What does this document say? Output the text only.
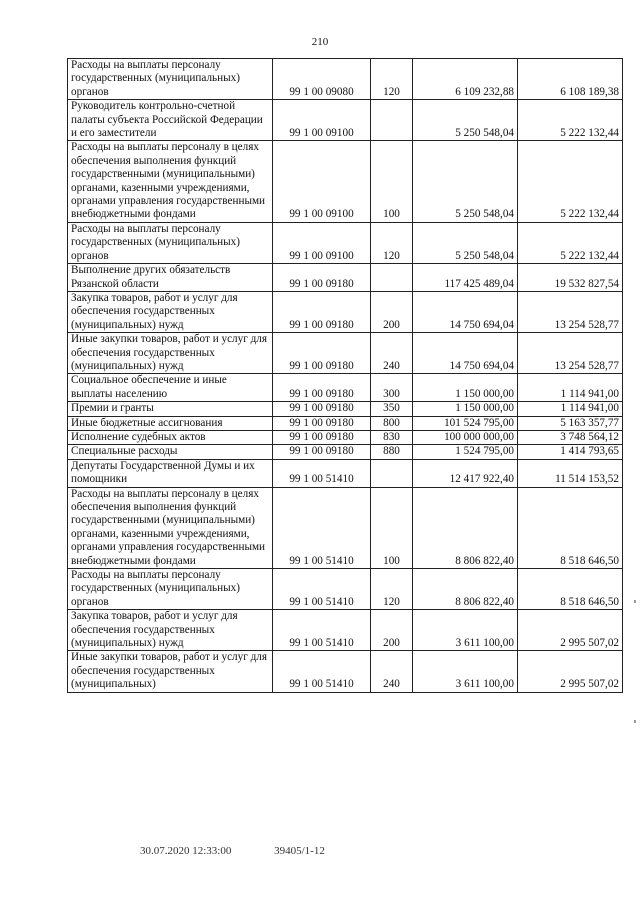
210
Расходы на выплаты персоналу государственных (муниципальных) органов	99 1 00 09080	120	6 109 232,88	6 108 189,38
Руководитель контрольно-счетной палаты субъекта Российской Федерации и его заместители	99 1 00 09100		5 250 548,04	5 222 132,44
Расходы на выплаты персоналу в целях обеспечения выполнения функций государственными (муниципальными) органами, казенными учреждениями, органами управления государственными внебюджетными фондами	99 1 00 09100	100	5 250 548,04	5 222 132,44
Расходы на выплаты персоналу государственных (муниципальных) органов	99 1 00 09100	120	5 250 548,04	5 222 132,44
Выполнение других обязательств Рязанской области	99 1 00 09180		117 425 489,04	19 532 827,54
Закупка товаров, работ и услуг для обеспечения государственных (муниципальных) нужд	99 1 00 09180	200	14 750 694,04	13 254 528,77
Иные закупки товаров, работ и услуг для обеспечения государственных (муниципальных) нужд	99 1 00 09180	240	14 750 694,04	13 254 528,77
Социальное обеспечение и иные выплаты населению	99 1 00 09180	300	1 150 000,00	1 114 941,00
Премии и гранты	99 1 00 09180	350	1 150 000,00	1 114 941,00
Иные бюджетные ассигнования	99 1 00 09180	800	101 524 795,00	5 163 357,77
Исполнение судебных актов	99 1 00 09180	830	100 000 000,00	3 748 564,12
Специальные расходы	99 1 00 09180	880	1 524 795,00	1 414 793,65
Депутаты Государственной Думы и их помощники	99 1 00 51410		12 417 922,40	11 514 153,52
Расходы на выплаты персоналу в целях обеспечения выполнения функций государственными (муниципальными) органами, казенными учреждениями, органами управления государственными внебюджетными фондами	99 1 00 51410	100	8 806 822,40	8 518 646,50
Расходы на выплаты персоналу государственных (муниципальных) органов	99 1 00 51410	120	8 806 822,40	8 518 646,50
Закупка товаров, работ и услуг для обеспечения государственных (муниципальных) нужд	99 1 00 51410	200	3 611 100,00	2 995 507,02
Иные закупки товаров, работ и услуг для обеспечения государственных (муниципальных)	99 1 00 51410	240	3 611 100,00	2 995 507,02
30.07.2020 12:33:00	39405/1-12
